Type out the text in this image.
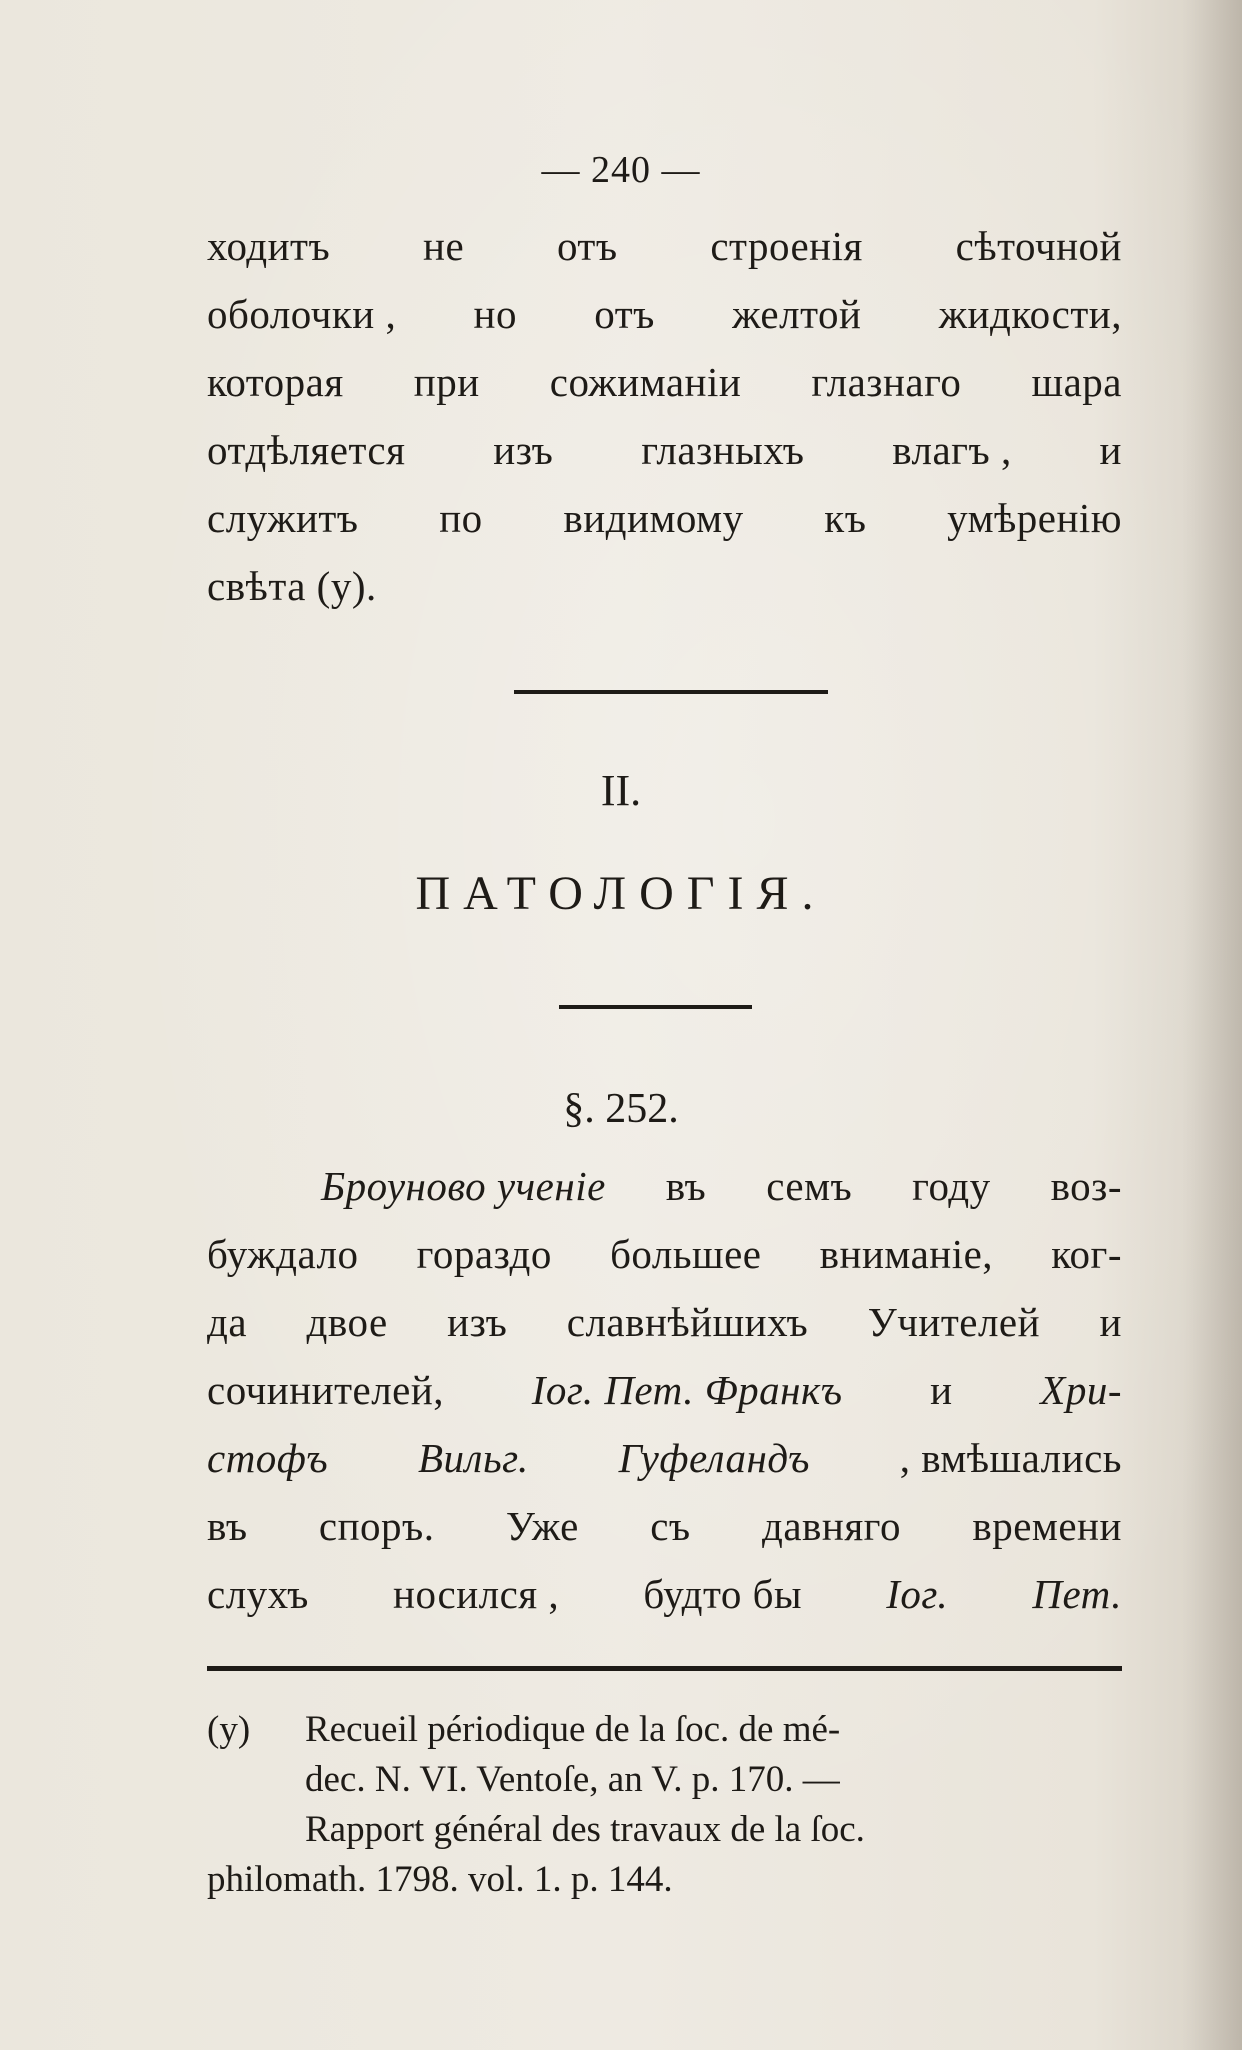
— 240 —
ходитъ не отъ строенія сѣточной
оболочки , но отъ желтой жидкости,
которая при сожиманіи глазнаго шара
отдѣляется изъ глазныхъ влагъ , и
служитъ по видимому къ умѣренію
свѣта (у).
II.
ПАТОЛОГІЯ.
§. 252.
Броуново ученіе въ семъ году воз-
буждало гораздо большее вниманіе, ког-
да двое изъ славнѣйшихъ Учителей и
сочинителей, Іог. Пет. Франкъ и Хри-
стофъ Вильг. Гуфеландъ , вмѣшались
въ споръ. Уже съ давняго времени
слухъ носился , будто бы Іог. Пет.
(у)	Recueil périodique de la ſoc. de mé-
dec. N. VI. Ventoſe, an V. p. 170. —
Rapport général des travaux de la ſoc.
philomath. 1798. vol. 1. p. 144.
